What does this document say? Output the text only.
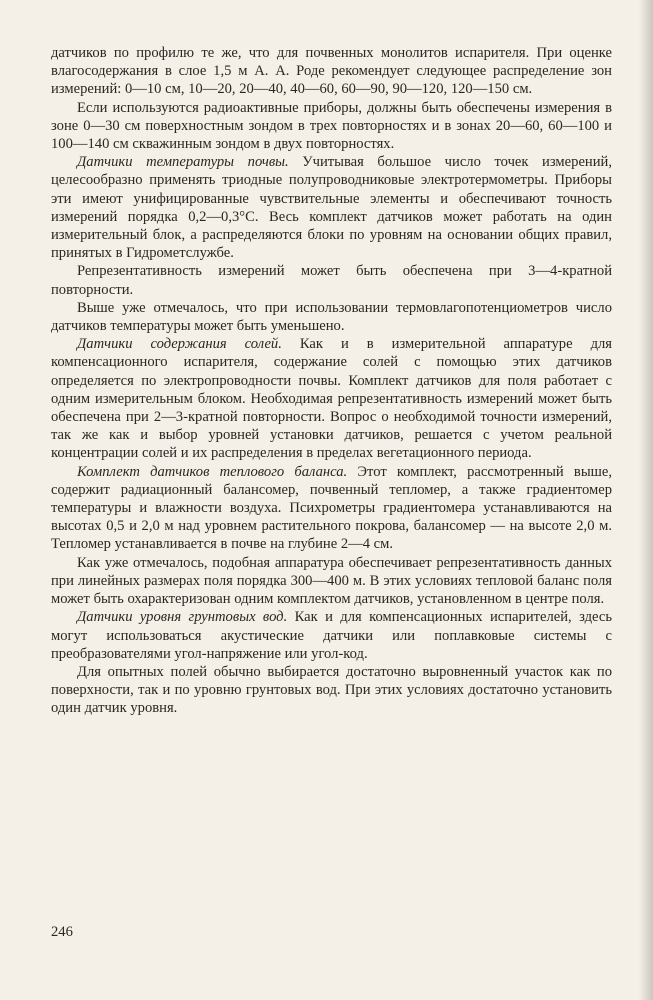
датчиков по профилю те же, что для почвенных монолитов испарителя. При оценке влагосодержания в слое 1,5 м А. А. Роде рекомендует следующее распределение зон измерений: 0—10 см, 10—20, 20—40, 40—60, 60—90, 90—120, 120—150 см.

Если используются радиоактивные приборы, должны быть обеспечены измерения в зоне 0—30 см поверхностным зондом в трех повторностях и в зонах 20—60, 60—100 и 100—140 см скважинным зондом в двух повторностях.

Датчики температуры почвы. Учитывая большое число точек измерений, целесообразно применять триодные полупроводниковые электротермометры. Приборы эти имеют унифицированные чувствительные элементы и обеспечивают точность измерений порядка 0,2—0,3°С. Весь комплект датчиков может работать на один измерительный блок, а распределяются блоки по уровням на основании общих правил, принятых в Гидрометслужбе.

Репрезентативность измерений может быть обеспечена при 3—4-кратной повторности.

Выше уже отмечалось, что при использовании термовлагопотенциометров число датчиков температуры может быть уменьшено.

Датчики содержания солей. Как и в измерительной аппаратуре для компенсационного испарителя, содержание солей с помощью этих датчиков определяется по электропроводности почвы. Комплект датчиков для поля работает с одним измерительным блоком. Необходимая репрезентативность измерений может быть обеспечена при 2—3-кратной повторности. Вопрос о необходимой точности измерений, так же как и выбор уровней установки датчиков, решается с учетом реальной концентрации солей и их распределения в пределах вегетационного периода.

Комплект датчиков теплового баланса. Этот комплект, рассмотренный выше, содержит радиационный балансомер, почвенный тепломер, а также градиентомер температуры и влажности воздуха. Психрометры градиентомера устанавливаются на высотах 0,5 и 2,0 м над уровнем растительного покрова, балансомер — на высоте 2,0 м. Тепломер устанавливается в почве на глубине 2—4 см.

Как уже отмечалось, подобная аппаратура обеспечивает репрезентативность данных при линейных размерах поля порядка 300—400 м. В этих условиях тепловой баланс поля может быть охарактеризован одним комплектом датчиков, установленном в центре поля.

Датчики уровня грунтовых вод. Как и для компенсационных испарителей, здесь могут использоваться акустические датчики или поплавковые системы с преобразователями угол-напряжение или угол-код.

Для опытных полей обычно выбирается достаточно выровненный участок как по поверхности, так и по уровню грунтовых вод. При этих условиях достаточно установить один датчик уровня.

246
